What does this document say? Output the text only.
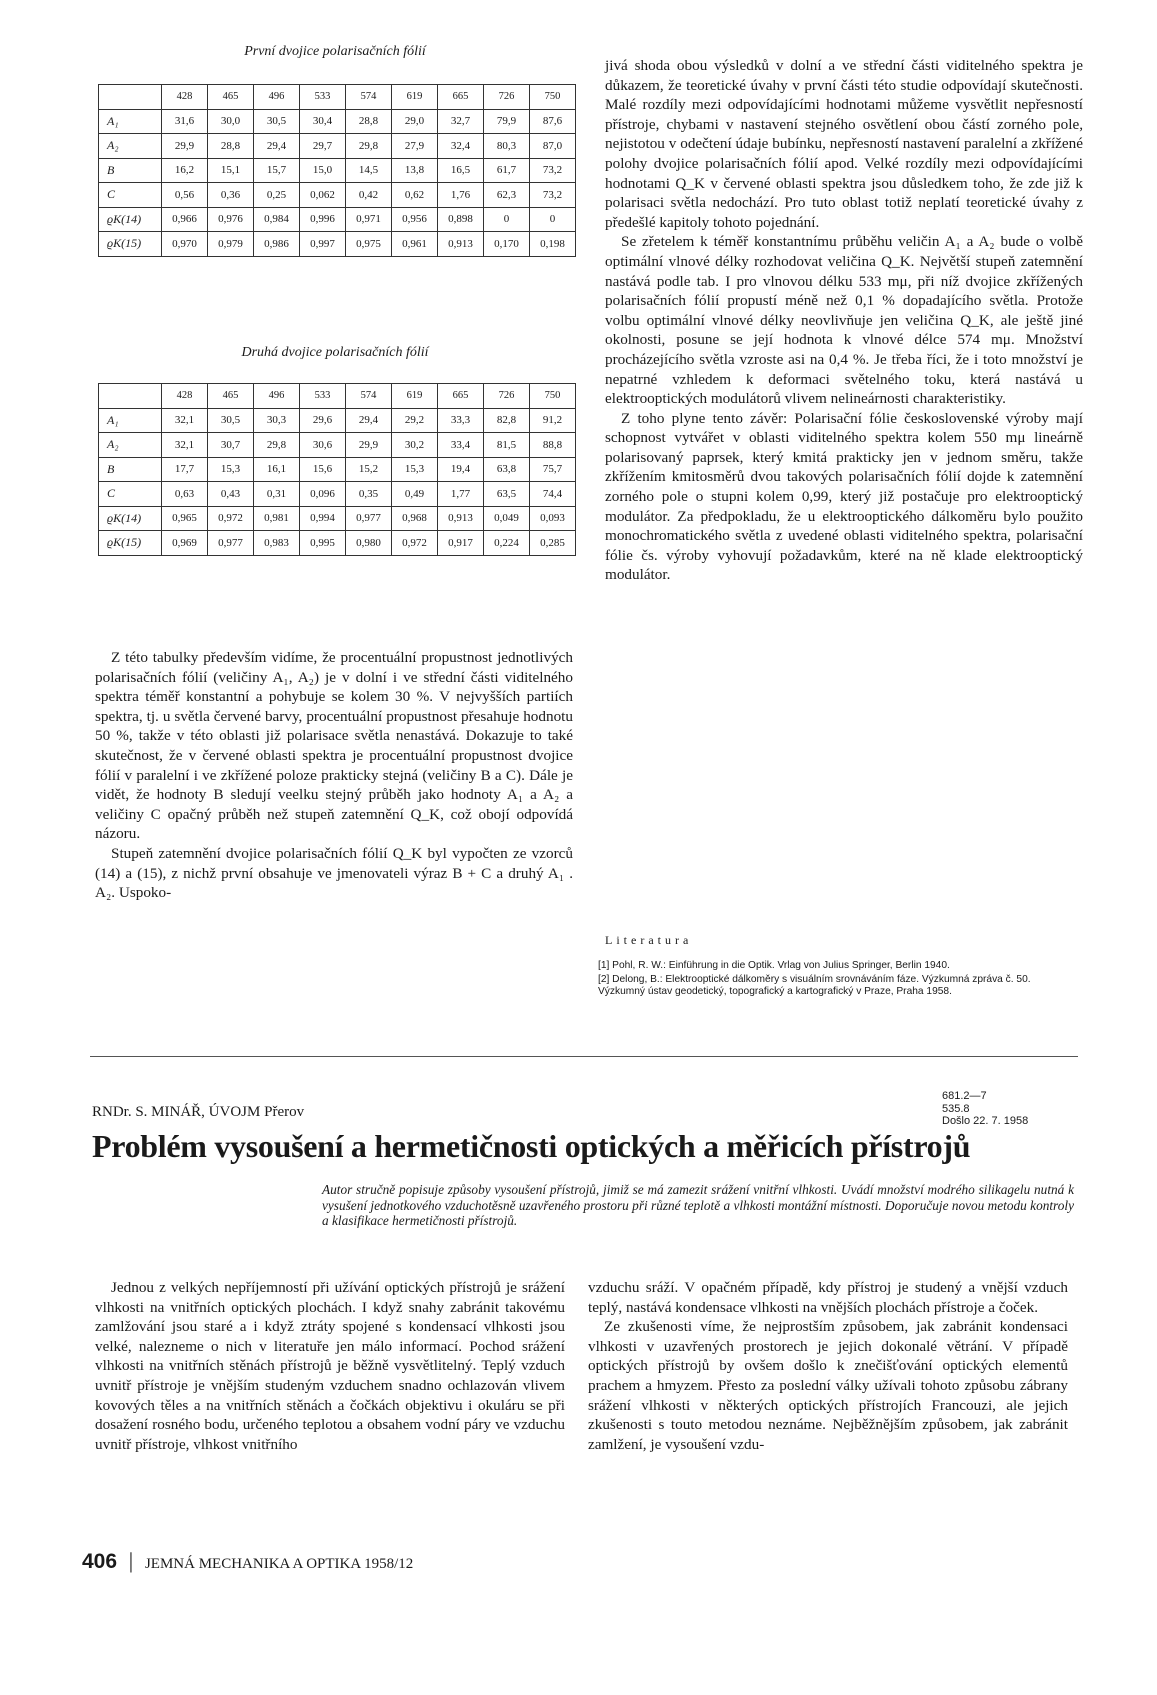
První dvojice polarisačních fólií
	428	465	496	533	574	619	665	726	750
A₁	31,6	30,0	30,5	30,4	28,8	29,0	32,7	79,9	87,6
A₂	29,9	28,8	29,4	29,7	29,8	27,9	32,4	80,3	87,0
B	16,2	15,1	15,7	15,0	14,5	13,8	16,5	61,7	73,2
C	0,56	0,36	0,25	0,062	0,42	0,62	1,76	62,3	73,2
ϱK(14)	0,966	0,976	0,984	0,996	0,971	0,956	0,898	0	0
ϱK(15)	0,970	0,979	0,986	0,997	0,975	0,961	0,913	0,170	0,198
Druhá dvojice polarisačních fólií
	428	465	496	533	574	619	665	726	750
A₁	32,1	30,5	30,3	29,6	29,4	29,2	33,3	82,8	91,2
A₂	32,1	30,7	29,8	30,6	29,9	30,2	33,4	81,5	88,8
B	17,7	15,3	16,1	15,6	15,2	15,3	19,4	63,8	75,7
C	0,63	0,43	0,31	0,096	0,35	0,49	1,77	63,5	74,4
ϱK(14)	0,965	0,972	0,981	0,994	0,977	0,968	0,913	0,049	0,093
ϱK(15)	0,969	0,977	0,983	0,995	0,980	0,972	0,917	0,224	0,285

Z této tabulky především vidíme, že procentuální propustnost jednotlivých polarisačních fólií (veličiny A₁, A₂) je v dolní i ve střední části viditelného spektra téměř konstantní a pohybuje se kolem 30 %. V nejvyšších partiích spektra, tj. u světla červené barvy, procentuální propustnost přesahuje hodnotu 50 %, takže v této oblasti již polarisace světla nenastává. Dokazuje to také skutečnost, že v červené oblasti spektra je procentuální propustnost dvojice fólií v paralelní i ve zkřížené poloze prakticky stejná (veličiny B a C). Dále je vidět, že hodnoty B sledují veelku stejný průběh jako hodnoty A₁ a A₂ a veličiny C opačný průběh než stupeň zatemnění Q_K, což obojí odpovídá názoru.

Stupeň zatemnění dvojice polarisačních fólií Q_K byl vypočten ze vzorců (14) a (15), z nichž první obsahuje ve jmenovateli výraz B + C a druhý A₁ . A₂. Uspoko-

jivá shoda obou výsledků v dolní a ve střední části viditelného spektra je důkazem, že teoretické úvahy v první části této studie odpovídají skutečnosti. Malé rozdíly mezi odpovídajícími hodnotami můžeme vysvětlit nepřesností přístroje, chybami v nastavení stejného osvětlení obou částí zorného pole, nejistotou v odečtení údaje bubínku, nepřesností nastavení paralelní a zkřížené polohy dvojice polarisačních fólií apod. Velké rozdíly mezi odpovídajícími hodnotami Q_K v červené oblasti spektra jsou důsledkem toho, že zde již k polarisaci světla nedochází. Pro tuto oblast totiž neplatí teoretické úvahy z předešlé kapitoly tohoto pojednání.

Se zřetelem k téměř konstantnímu průběhu veličin A₁ a A₂ bude o volbě optimální vlnové délky rozhodovat veličina Q_K. Největší stupeň zatemnění nastává podle tab. I pro vlnovou délku 533 mμ, při níž dvojice zkřížených polarisačních fólií propustí méně než 0,1 % dopadajícího světla. Protože volbu optimální vlnové délky neovlivňuje jen veličina Q_K, ale ještě jiné okolnosti, posune se její hodnota k vlnové délce 574 mμ. Množství procházejícího světla vzroste asi na 0,4 %. Je třeba říci, že i toto množství je nepatrné vzhledem k deformaci světelného toku, která nastává u elektrooptických modulátorů vlivem nelineárnosti charakteristiky.

Z toho plyne tento závěr: Polarisační fólie československé výroby mají schopnost vytvářet v oblasti viditelného spektra kolem 550 mμ lineárně polarisovaný paprsek, který kmitá prakticky jen v jednom směru, takže zkřížením kmitosměrů dvou takových polarisačních fólií dojde k zatemnění zorného pole o stupni kolem 0,99, který již postačuje pro elektrooptický modulátor. Za předpokladu, že u elektrooptického dálkoměru bylo použito monochromatického světla z uvedené oblasti viditelného spektra, polarisační fólie čs. výroby vyhovují požadavkům, které na ně klade elektrooptický modulátor.

Literatura
[1] Pohl, R. W.: Einführung in die Optik. Vrlag von Julius Springer, Berlin 1940.
[2] Delong, B.: Elektrooptické dálkoměry s visuálním srovnáváním fáze. Výzkumná zpráva č. 50. Výzkumný ústav geodetický, topografický a kartografický v Praze, Praha 1958.
RNDr. S. MINÁŘ, ÚVOJM Přerov
681.2—7
535.8
Došlo 22. 7. 1958
Problém vysoušení a hermetičnosti optických a měřicích přístrojů
Autor stručně popisuje způsoby vysoušení přístrojů, jimiž se má zamezit srážení vnitřní vlhkosti. Uvádí množství modrého silikagelu nutná k vysušení jednotkového vzduchotěsně uzavřeného prostoru při různé teplotě a vlhkosti montážní místnosti. Doporučuje novou metodu kontroly a klasifikace hermetičnosti přístrojů.

Jednou z velkých nepříjemností při užívání optických přístrojů je srážení vlhkosti na vnitřních optických plochách. I když snahy zabránit takovému zamlžování jsou staré a i když ztráty spojené s kondensací vlhkosti jsou velké, nalezneme o nich v literatuře jen málo informací. Pochod srážení vlhkosti na vnitřních stěnách přístrojů je běžně vysvětlitelný. Teplý vzduch uvnitř přístroje je vnějším studeným vzduchem snadno ochlazován vlivem kovových těles a na vnitřních stěnách a čočkách objektivu i okuláru se při dosažení rosného bodu, určeného teplotou a obsahem vodní páry ve vzduchu uvnitř přístroje, vlhkost vnitřního

vzduchu sráží. V opačném případě, kdy přístroj je studený a vnější vzduch teplý, nastává kondensace vlhkosti na vnějších plochách přístroje a čoček.

Ze zkušenosti víme, že nejprostším způsobem, jak zabránit kondensaci vlhkosti v uzavřených prostorech je jejich dokonalé větrání. V případě optických přístrojů by ovšem došlo k znečišťování optických elementů prachem a hmyzem. Přesto za poslední války užívali tohoto způsobu zábrany srážení vlhkosti v některých optických přístrojích Francouzi, ale jejich zkušenosti s touto metodou neznáme. Nejběžnějším způsobem, jak zabránit zamlžení, je vysoušení vzdu-

406 | JEMNÁ MECHANIKA A OPTIKA 1958/12
